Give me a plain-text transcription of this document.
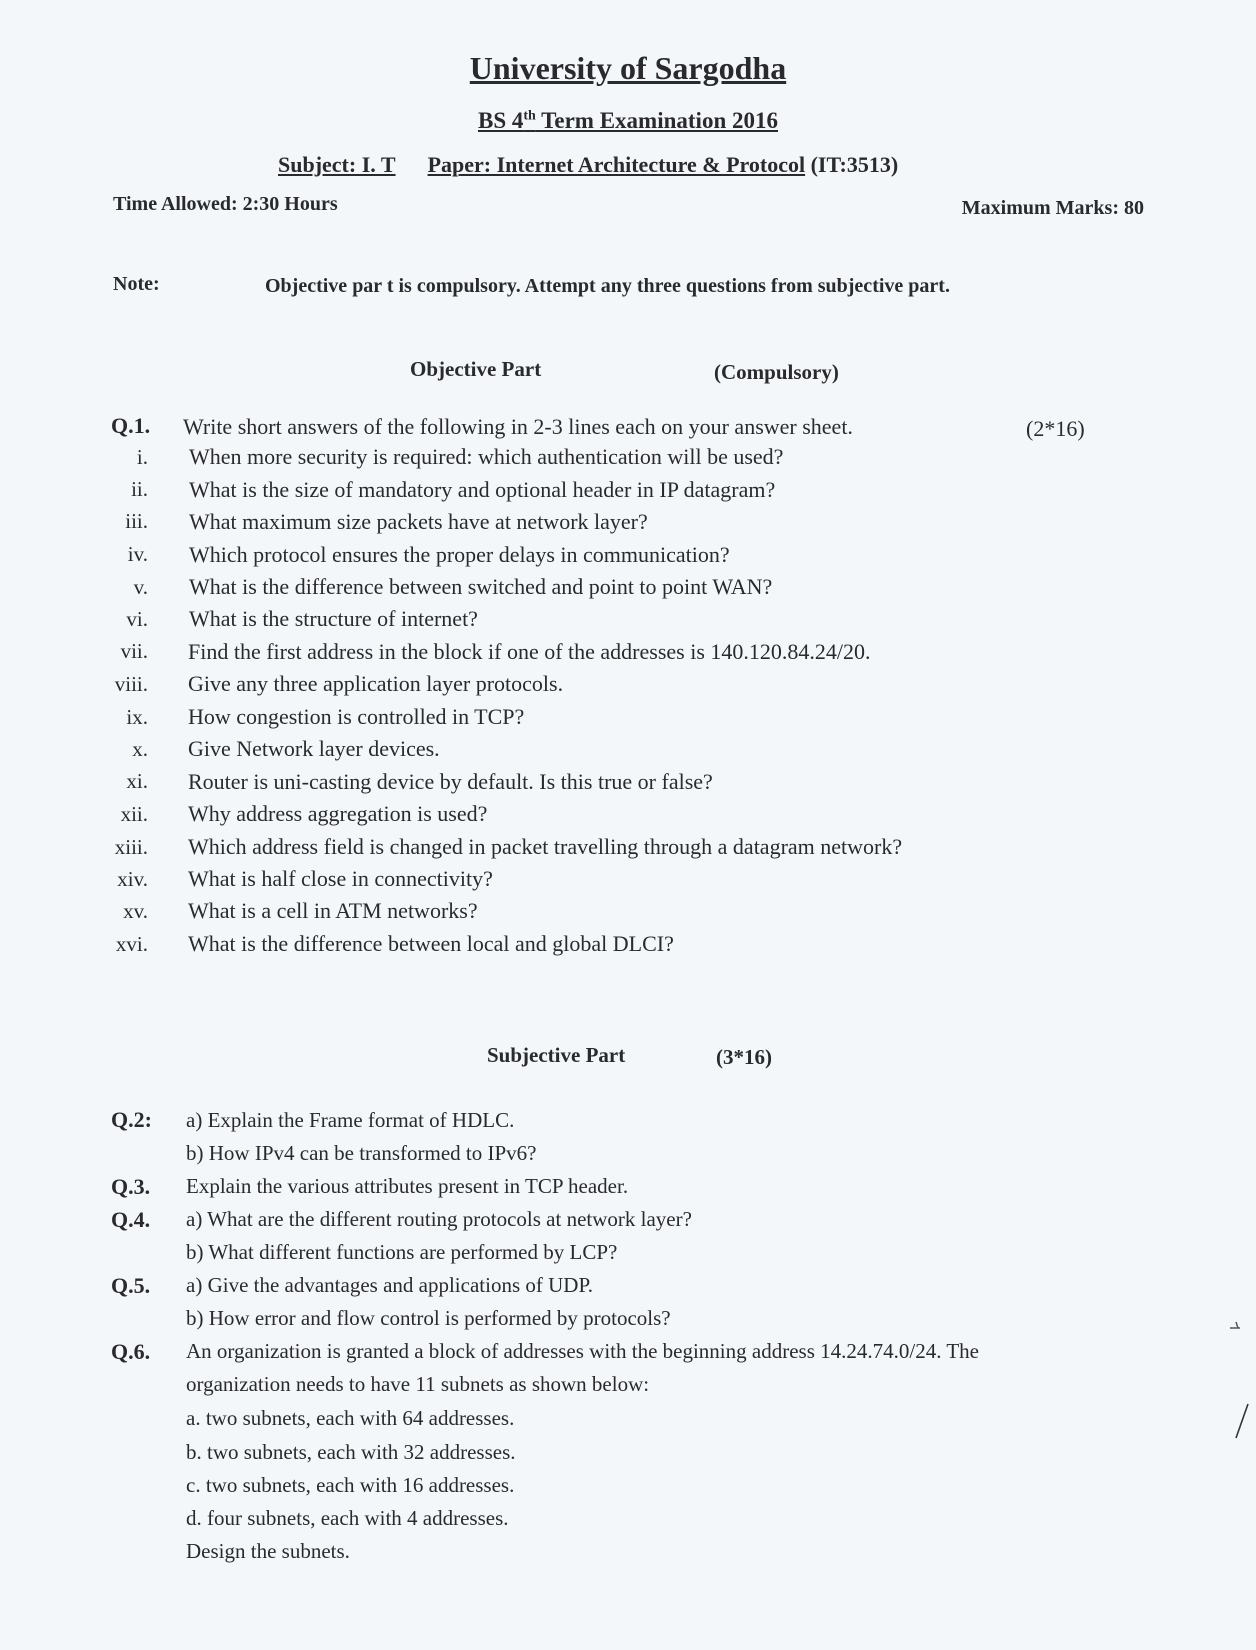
University of Sargodha
BS 4th Term Examination 2016
Subject: I. T Paper: Internet Architecture & Protocol (IT:3513)
Time Allowed: 2:30 Hours	Maximum Marks: 80
Note:	Objective par t is compulsory. Attempt any three questions from subjective part.
Objective Part	(Compulsory)
Q.1. Write short answers of the following in 2-3 lines each on your answer sheet.	(2*16)
i. When more security is required: which authentication will be used?
ii. What is the size of mandatory and optional header in IP datagram?
iii. What maximum size packets have at network layer?
iv. Which protocol ensures the proper delays in communication?
v. What is the difference between switched and point to point WAN?
vi. What is the structure of internet?
vii. Find the first address in the block if one of the addresses is 140.120.84.24/20.
viii. Give any three application layer protocols.
ix. How congestion is controlled in TCP?
x. Give Network layer devices.
xi. Router is uni-casting device by default. Is this true or false?
xii. Why address aggregation is used?
xiii. Which address field is changed in packet travelling through a datagram network?
xiv. What is half close in connectivity?
xv. What is a cell in ATM networks?
xvi. What is the difference between local and global DLCI?
Subjective Part	(3*16)
Q.2: a) Explain the Frame format of HDLC.
b) How IPv4 can be transformed to IPv6?
Q.3. Explain the various attributes present in TCP header.
Q.4. a) What are the different routing protocols at network layer?
b) What different functions are performed by LCP?
Q.5. a) Give the advantages and applications of UDP.
b) How error and flow control is performed by protocols?
Q.6. An organization is granted a block of addresses with the beginning address 14.24.74.0/24. The
organization needs to have 11 subnets as shown below:
a. two subnets, each with 64 addresses.
b. two subnets, each with 32 addresses.
c. two subnets, each with 16 addresses.
d. four subnets, each with 4 addresses.
Design the subnets.
